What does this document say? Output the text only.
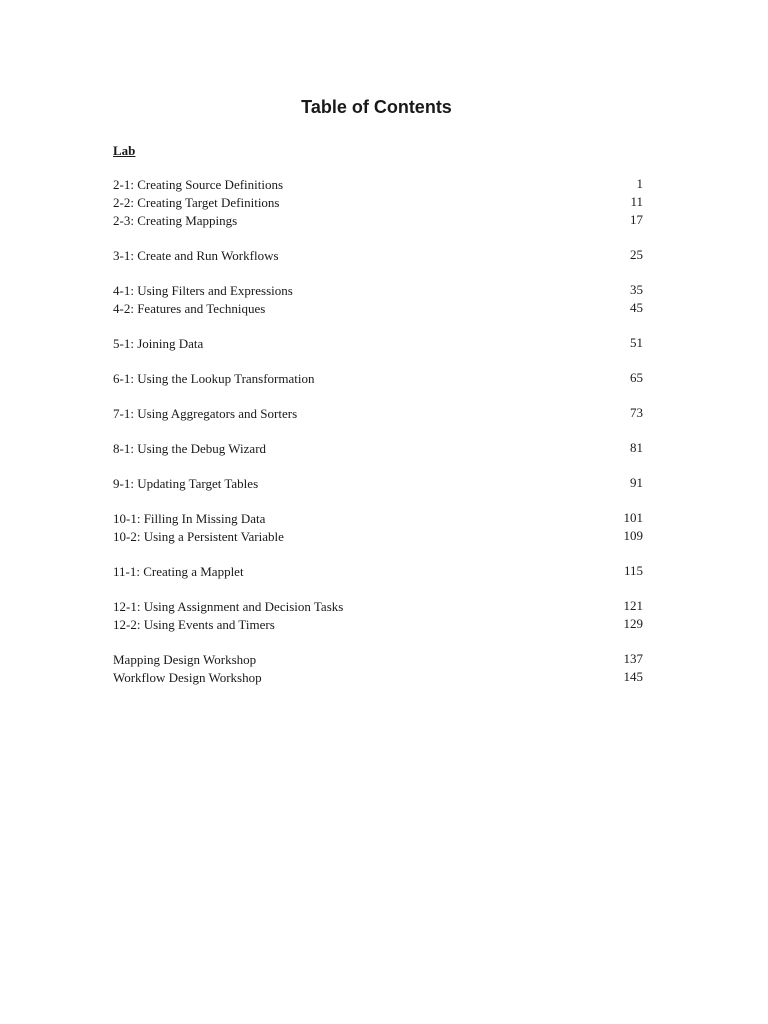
Table of Contents
Lab
2-1: Creating Source Definitions	1
2-2: Creating Target Definitions	11
2-3: Creating Mappings	17
3-1: Create and Run Workflows	25
4-1: Using Filters and Expressions	35
4-2: Features and Techniques	45
5-1: Joining Data	51
6-1: Using the Lookup Transformation	65
7-1: Using Aggregators and Sorters	73
8-1: Using the Debug Wizard	81
9-1: Updating Target Tables	91
10-1: Filling In Missing Data	101
10-2: Using a Persistent Variable	109
11-1: Creating a Mapplet	115
12-1: Using Assignment and Decision Tasks	121
12-2: Using Events and Timers	129
Mapping Design Workshop	137
Workflow Design Workshop	145
